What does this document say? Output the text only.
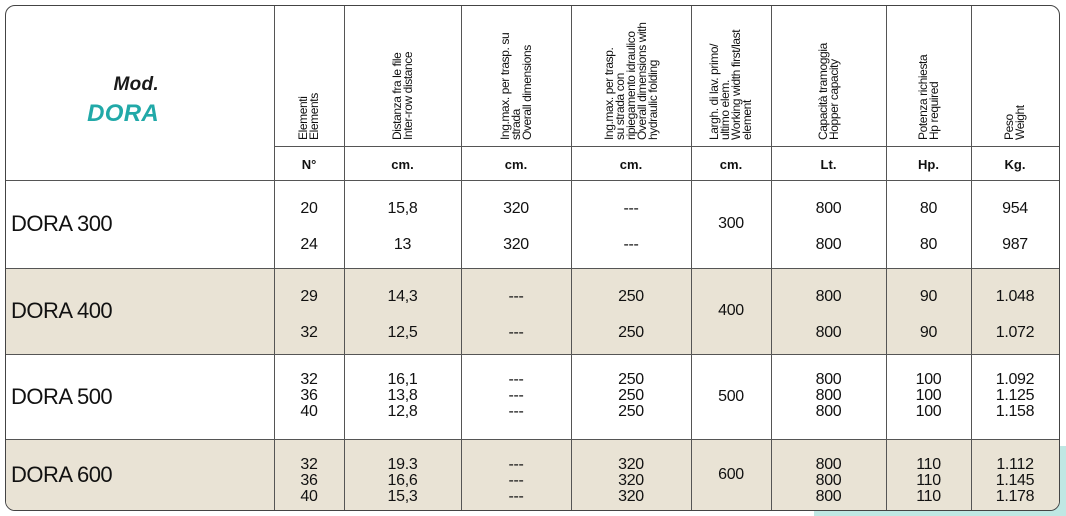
Mod.
DORA	Elementi
Elements
N°
Distanza fra le file
Inter-row distance
cm.
Ing.max. per trasp. su
strada
Overall dimensions
cm.
Ing.max. per trasp.
su strada con
ripiegamento idraulico
Overall dimensions with
hydraulic folding
cm.
Largh. di lav. primo/
ultimo elem.
Working width first/last
element
cm.
Capacità tramoggia
Hopper capacity
Lt.
Potenza richiesta
Hp required
Hp.
Peso
Weight
Kg.
DORA 300
20
24
15,8
13
320
320
---
---
300
800
800
80
80
954
987
DORA 400
29
32
14,3
12,5
---
---
250
250
400
800
800
90
90
1.048
1.072
DORA 500
32
36
40
16,1
13,8
12,8
---
---
---
250
250
250
500
800
800
800
100
100
100
1.092
1.125
1.158
DORA 600	32
36
40
19.3
16,6
15,3
---
---
---
320
320
320
600
800
800
800
110
110
110
1.112
1.145
1.178
